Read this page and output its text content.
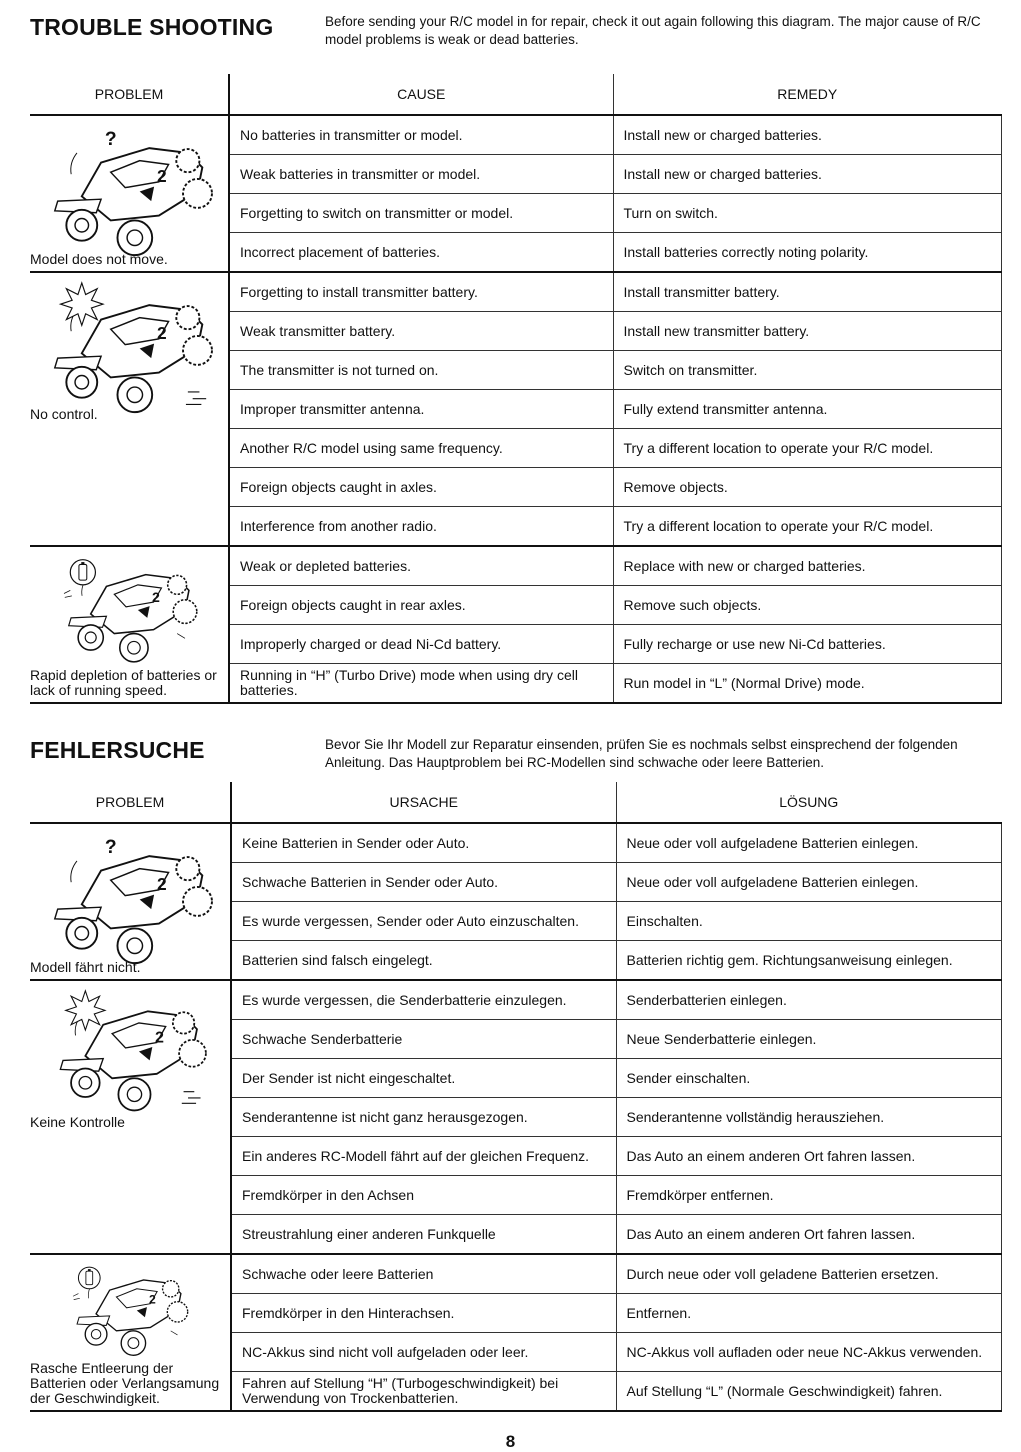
TROUBLE SHOOTING	Before sending your R/C model in for repair, check it out again following this diagram. The major cause of R/C model problems is weak or dead batteries.
PROBLEM	CAUSE	REMEDY

Model does not move.	No batteries in transmitter or model.	Install new or charged batteries.
	Weak batteries in transmitter or model.	Install new or charged batteries.
	Forgetting to switch on transmitter or model.	Turn on switch.
	Incorrect placement of batteries.	Install batteries correctly noting polarity.

No control.	Forgetting to install transmitter battery.	Install transmitter battery.
	Weak transmitter battery.	Install new transmitter battery.
	The transmitter is not turned on.	Switch on transmitter.
	Improper transmitter antenna.	Fully extend transmitter antenna.
	Another R/C model using same frequency.	Try a different location to operate your R/C model.
	Foreign objects caught in axles.	Remove objects.
	Interference from another radio.	Try a different location to operate your R/C model.

Rapid depletion of batteries or lack of running speed.	Weak or depleted batteries.	Replace with new or charged batteries.
	Foreign objects caught in rear axles.	Remove such objects.
	Improperly charged or dead Ni-Cd battery.	Fully recharge or use new Ni-Cd batteries.
	Running in “H” (Turbo Drive) mode when using dry cell batteries.	Run model in “L” (Normal Drive) mode.
FEHLERSUCHE	Bevor Sie Ihr Modell zur Reparatur einsenden, prüfen Sie es nochmals selbst einsprechend der folgenden Anleitung. Das Hauptproblem bei RC-Modellen sind schwache oder leere Batterien.
PROBLEM	URSACHE	LÖSUNG

Modell fährt nicht.	Keine Batterien in Sender oder Auto.	Neue oder voll aufgeladene Batterien einlegen.
	Schwache Batterien in Sender oder Auto.	Neue oder voll aufgeladene Batterien einlegen.

	Es wurde vergessen, Sender oder Auto einzuschalten.	Einschalten.
	Batterien sind falsch eingelegt.	Batterien richtig gem. Richtungsanweisung einlegen.

Keine Kontrolle	Es wurde vergessen, die Senderbatterie einzulegen.	Senderbatterien einlegen.
	Schwache Senderbatterie	Neue Senderbatterie einlegen.
	Der Sender ist nicht eingeschaltet.	Sender einschalten.
	Senderantenne ist nicht ganz herausgezogen.	Senderantenne vollständig herausziehen.

	Ein anderes RC-Modell fährt auf der gleichen Frequenz.	Das Auto an einem anderen Ort fahren lassen.
	Fremdkörper in den Achsen	Fremdkörper entfernen.
	Streustrahlung einer anderen Funkquelle	Das Auto an einem anderen Ort fahren lassen.

Rasche Entleerung der Batterien oder Verlangsamung der Geschwindigkeit.	Schwache oder leere Batterien	Durch neue oder voll geladene Batterien ersetzen.
	Fremdkörper in den Hinterachsen.	Entfernen.
	NC-Akkus sind nicht voll aufgeladen oder leer.	NC-Akkus voll aufladen oder neue NC-Akkus verwenden.

	Fahren auf Stellung “H” (Turbogeschwindigkeit) bei Verwendung von Trockenbatterien.	Auf Stellung “L” (Normale Geschwindigkeit) fahren.
8
